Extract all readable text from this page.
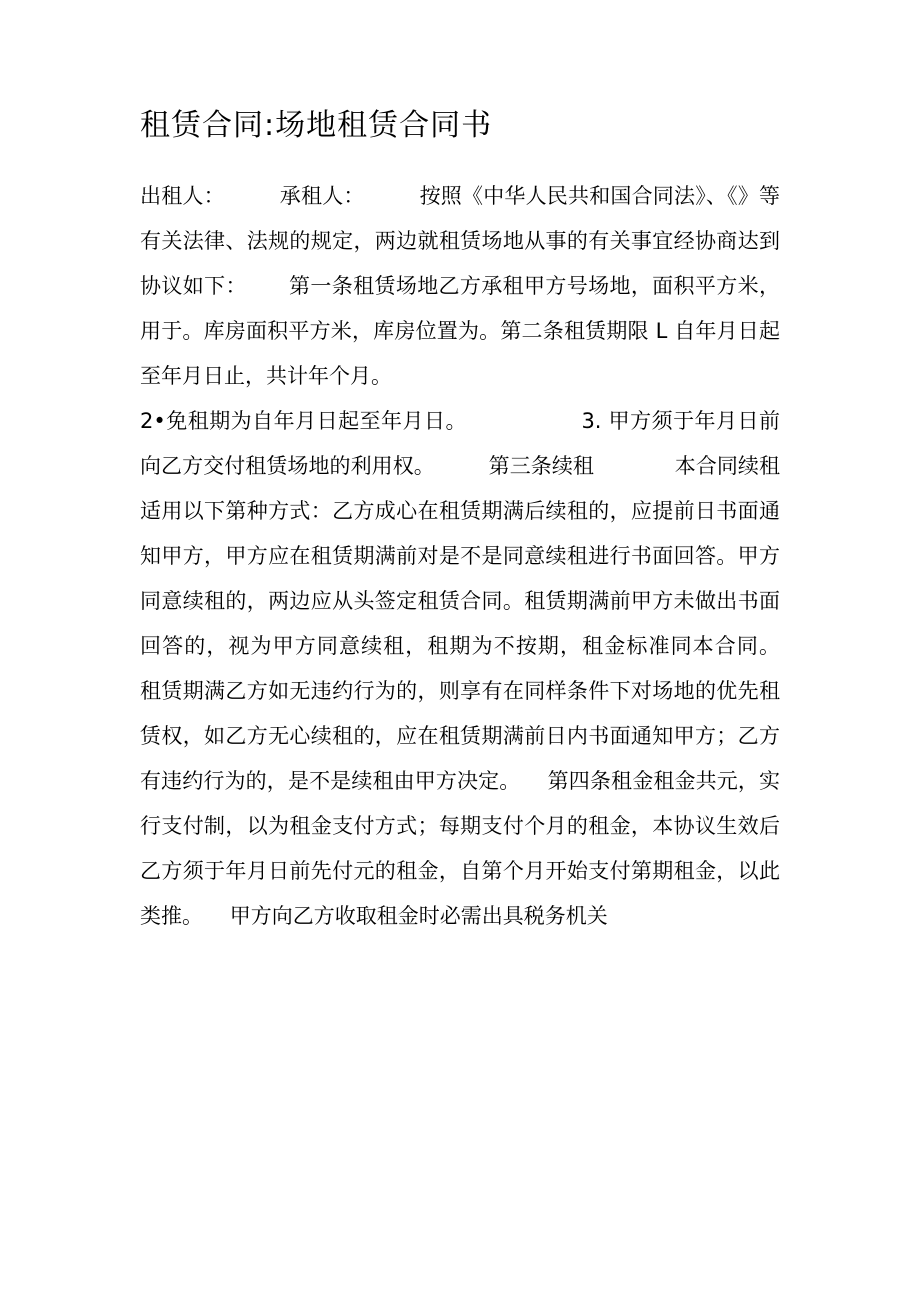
租赁合同:场地租赁合同书

出租人：        承租人：        按照《中华人民共和国合同法》、《》等有关法律、法规的规定，两边就租赁场地从事的有关事宜经协商达到协议如下：      第一条租赁场地乙方承租甲方号场地，面积平方米，用于。库房面积平方米，库房位置为。第二条租赁期限 L 自年月日起至年月日止，共计年个月。

2•免租期为自年月日起至年月日。                3. 甲方须于年月日前向乙方交付租赁场地的利用权。        第三条续租            本合同续租适用以下第种方式：乙方成心在租赁期满后续租的，应提前日书面通知甲方，甲方应在租赁期满前对是不是同意续租进行书面回答。甲方同意续租的，两边应从头签定租赁合同。租赁期满前甲方未做出书面回答的，视为甲方同意续租，租期为不按期，租金标准同本合同。                    租赁期满乙方如无违约行为的，则享有在同样条件下对场地的优先租赁权，如乙方无心续租的，应在租赁期满前日内书面通知甲方；乙方有违约行为的，是不是续租由甲方决定。    第四条租金租金共元，实行支付制，以为租金支付方式；每期支付个月的租金，本协议生效后乙方须于年月日前先付元的租金，自第个月开始支付第期租金，以此类推。    甲方向乙方收取租金时必需出具税务机关
